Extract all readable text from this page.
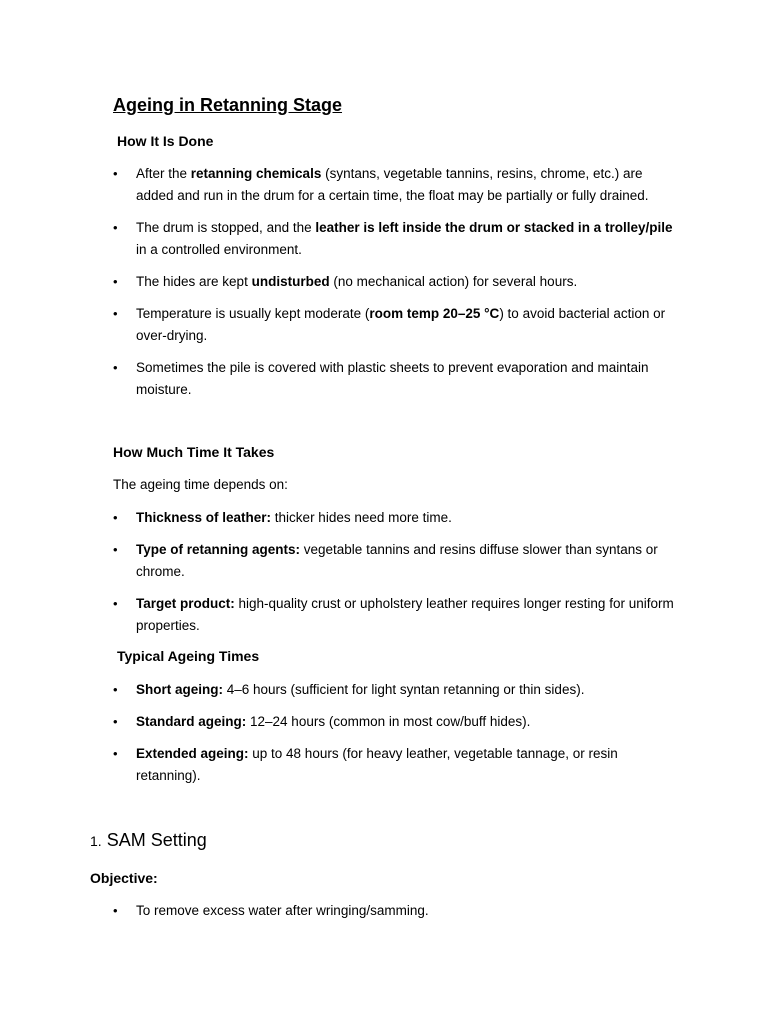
Ageing in Retanning Stage
How It Is Done
• After the retanning chemicals (syntans, vegetable tannins, resins, chrome, etc.) are added and run in the drum for a certain time, the float may be partially or fully drained.
• The drum is stopped, and the leather is left inside the drum or stacked in a trolley/pile in a controlled environment.
• The hides are kept undisturbed (no mechanical action) for several hours.
• Temperature is usually kept moderate (room temp 20–25 °C) to avoid bacterial action or over-drying.
• Sometimes the pile is covered with plastic sheets to prevent evaporation and maintain moisture.
How Much Time It Takes
The ageing time depends on:
• Thickness of leather: thicker hides need more time.
• Type of retanning agents: vegetable tannins and resins diffuse slower than syntans or chrome.
• Target product: high-quality crust or upholstery leather requires longer resting for uniform properties.
Typical Ageing Times
• Short ageing: 4–6 hours (sufficient for light syntan retanning or thin sides).
• Standard ageing: 12–24 hours (common in most cow/buff hides).
• Extended ageing: up to 48 hours (for heavy leather, vegetable tannage, or resin retanning).
1. SAM Setting
Objective:
• To remove excess water after wringing/samming.
